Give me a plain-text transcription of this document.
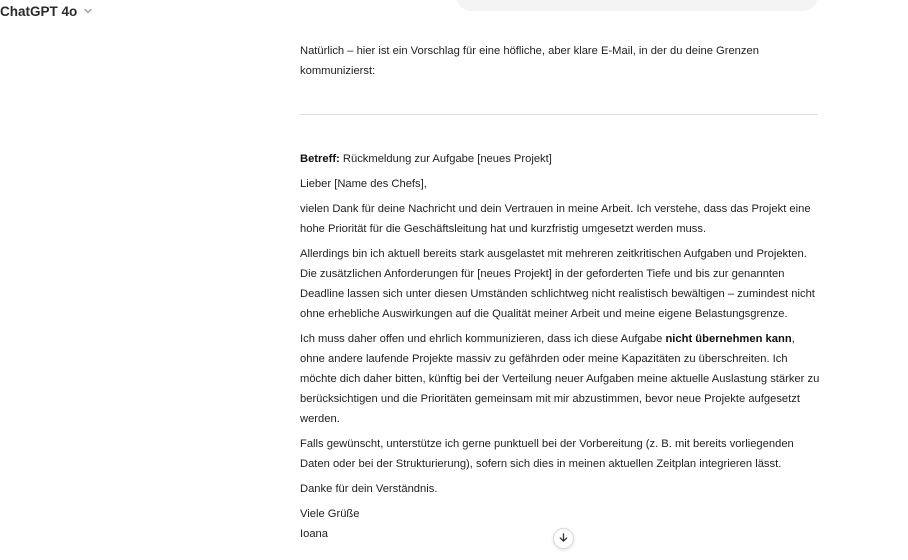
ChatGPT 4o

Natürlich – hier ist ein Vorschlag für eine höfliche, aber klare E-Mail, in der du deine Grenzen kommunizierst:

Betreff: Rückmeldung zur Aufgabe [neues Projekt]

Lieber [Name des Chefs],

vielen Dank für deine Nachricht und dein Vertrauen in meine Arbeit. Ich verstehe, dass das Projekt eine hohe Priorität für die Geschäftsleitung hat und kurzfristig umgesetzt werden muss.

Allerdings bin ich aktuell bereits stark ausgelastet mit mehreren zeitkritischen Aufgaben und Projekten. Die zusätzlichen Anforderungen für [neues Projekt] in der geforderten Tiefe und bis zur genannten Deadline lassen sich unter diesen Umständen schlichtweg nicht realistisch bewältigen – zumindest nicht ohne erhebliche Auswirkungen auf die Qualität meiner Arbeit und meine eigene Belastungsgrenze.

Ich muss daher offen und ehrlich kommunizieren, dass ich diese Aufgabe nicht übernehmen kann, ohne andere laufende Projekte massiv zu gefährden oder meine Kapazitäten zu überschreiten. Ich möchte dich daher bitten, künftig bei der Verteilung neuer Aufgaben meine aktuelle Auslastung stärker zu berücksichtigen und die Prioritäten gemeinsam mit mir abzustimmen, bevor neue Projekte aufgesetzt werden.

Falls gewünscht, unterstütze ich gerne punktuell bei der Vorbereitung (z. B. mit bereits vorliegenden Daten oder bei der Strukturierung), sofern sich dies in meinen aktuellen Zeitplan integrieren lässt.

Danke für dein Verständnis.

Viele Grüße

Ioana
